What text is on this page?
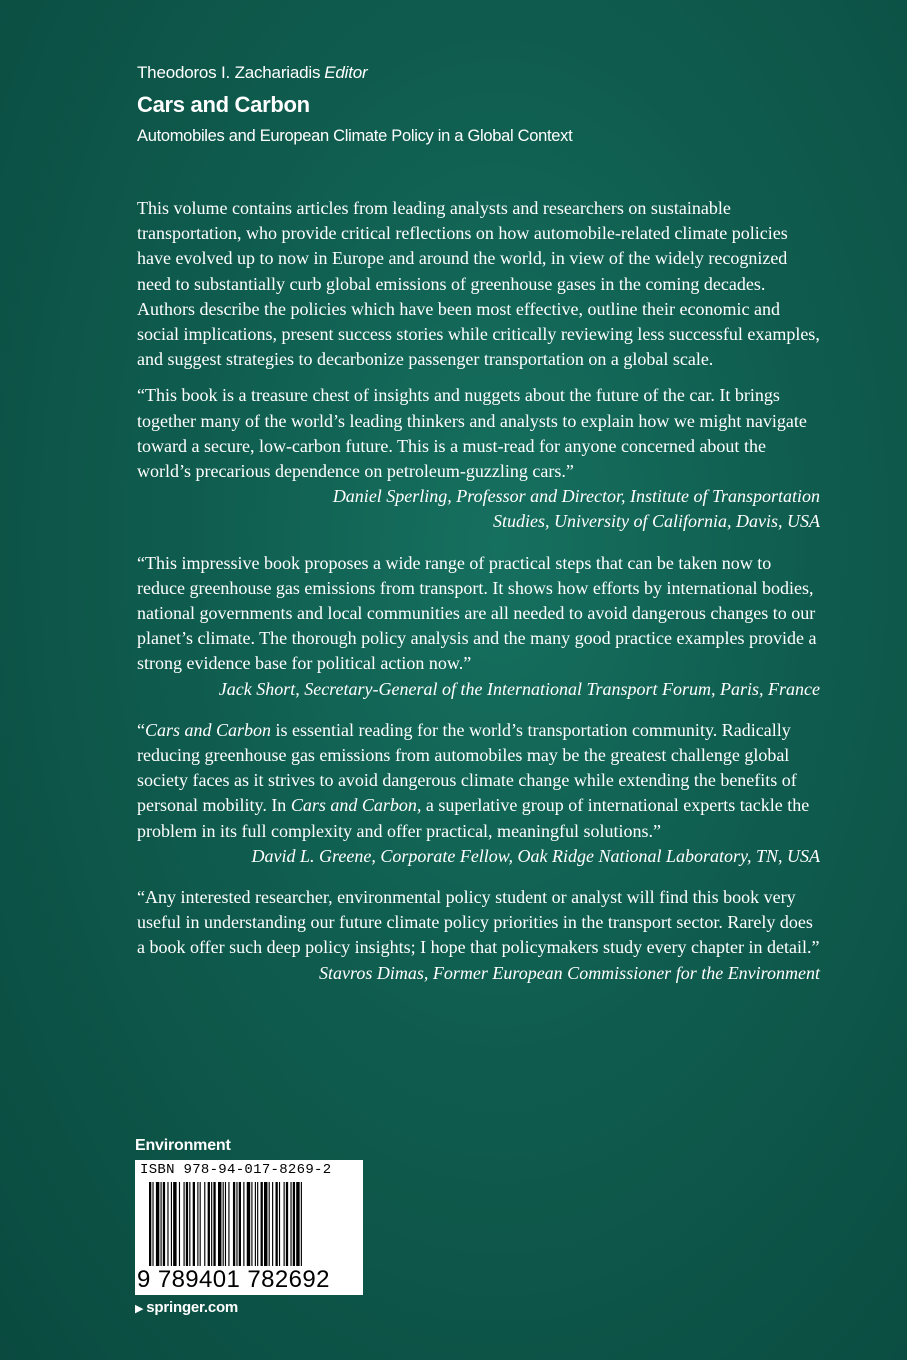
Theodoros I. Zachariadis Editor
Cars and Carbon
Automobiles and European Climate Policy in a Global Context

This volume contains articles from leading analysts and researchers on sustainable transportation, who provide critical reflections on how automobile-related climate policies have evolved up to now in Europe and around the world, in view of the widely recognized need to substantially curb global emissions of greenhouse gases in the coming decades. Authors describe the policies which have been most effective, outline their economic and social implications, present success stories while critically reviewing less successful examples, and suggest strategies to decarbonize passenger transportation on a global scale.

“This book is a treasure chest of insights and nuggets about the future of the car. It brings together many of the world’s leading thinkers and analysts to explain how we might navigate toward a secure, low-carbon future. This is a must-read for anyone concerned about the world’s precarious dependence on petroleum-guzzling cars.”

Daniel Sperling, Professor and Director, Institute of Transportation
Studies, University of California, Davis, USA

“This impressive book proposes a wide range of practical steps that can be taken now to reduce greenhouse gas emissions from transport. It shows how efforts by international bodies, national governments and local communities are all needed to avoid dangerous changes to our planet’s climate. The thorough policy analysis and the many good practice examples provide a strong evidence base for political action now.”

Jack Short, Secretary-General of the International Transport Forum, Paris, France

“Cars and Carbon is essential reading for the world’s transportation community. Radically reducing greenhouse gas emissions from automobiles may be the greatest challenge global society faces as it strives to avoid dangerous climate change while extending the benefits of personal mobility. In Cars and Carbon, a superlative group of international experts tackle the problem in its full complexity and offer practical, meaningful solutions.”

David L. Greene, Corporate Fellow, Oak Ridge National Laboratory, TN, USA

“Any interested researcher, environmental policy student or analyst will find this book very useful in understanding our future climate policy priorities in the transport sector. Rarely does a book offer such deep policy insights; I hope that policymakers study every chapter in detail.”

Stavros Dimas, Former European Commissioner for the Environment

Environment
ISBN 978-94-017-8269-2
9 789401 782692
▶ springer.com
